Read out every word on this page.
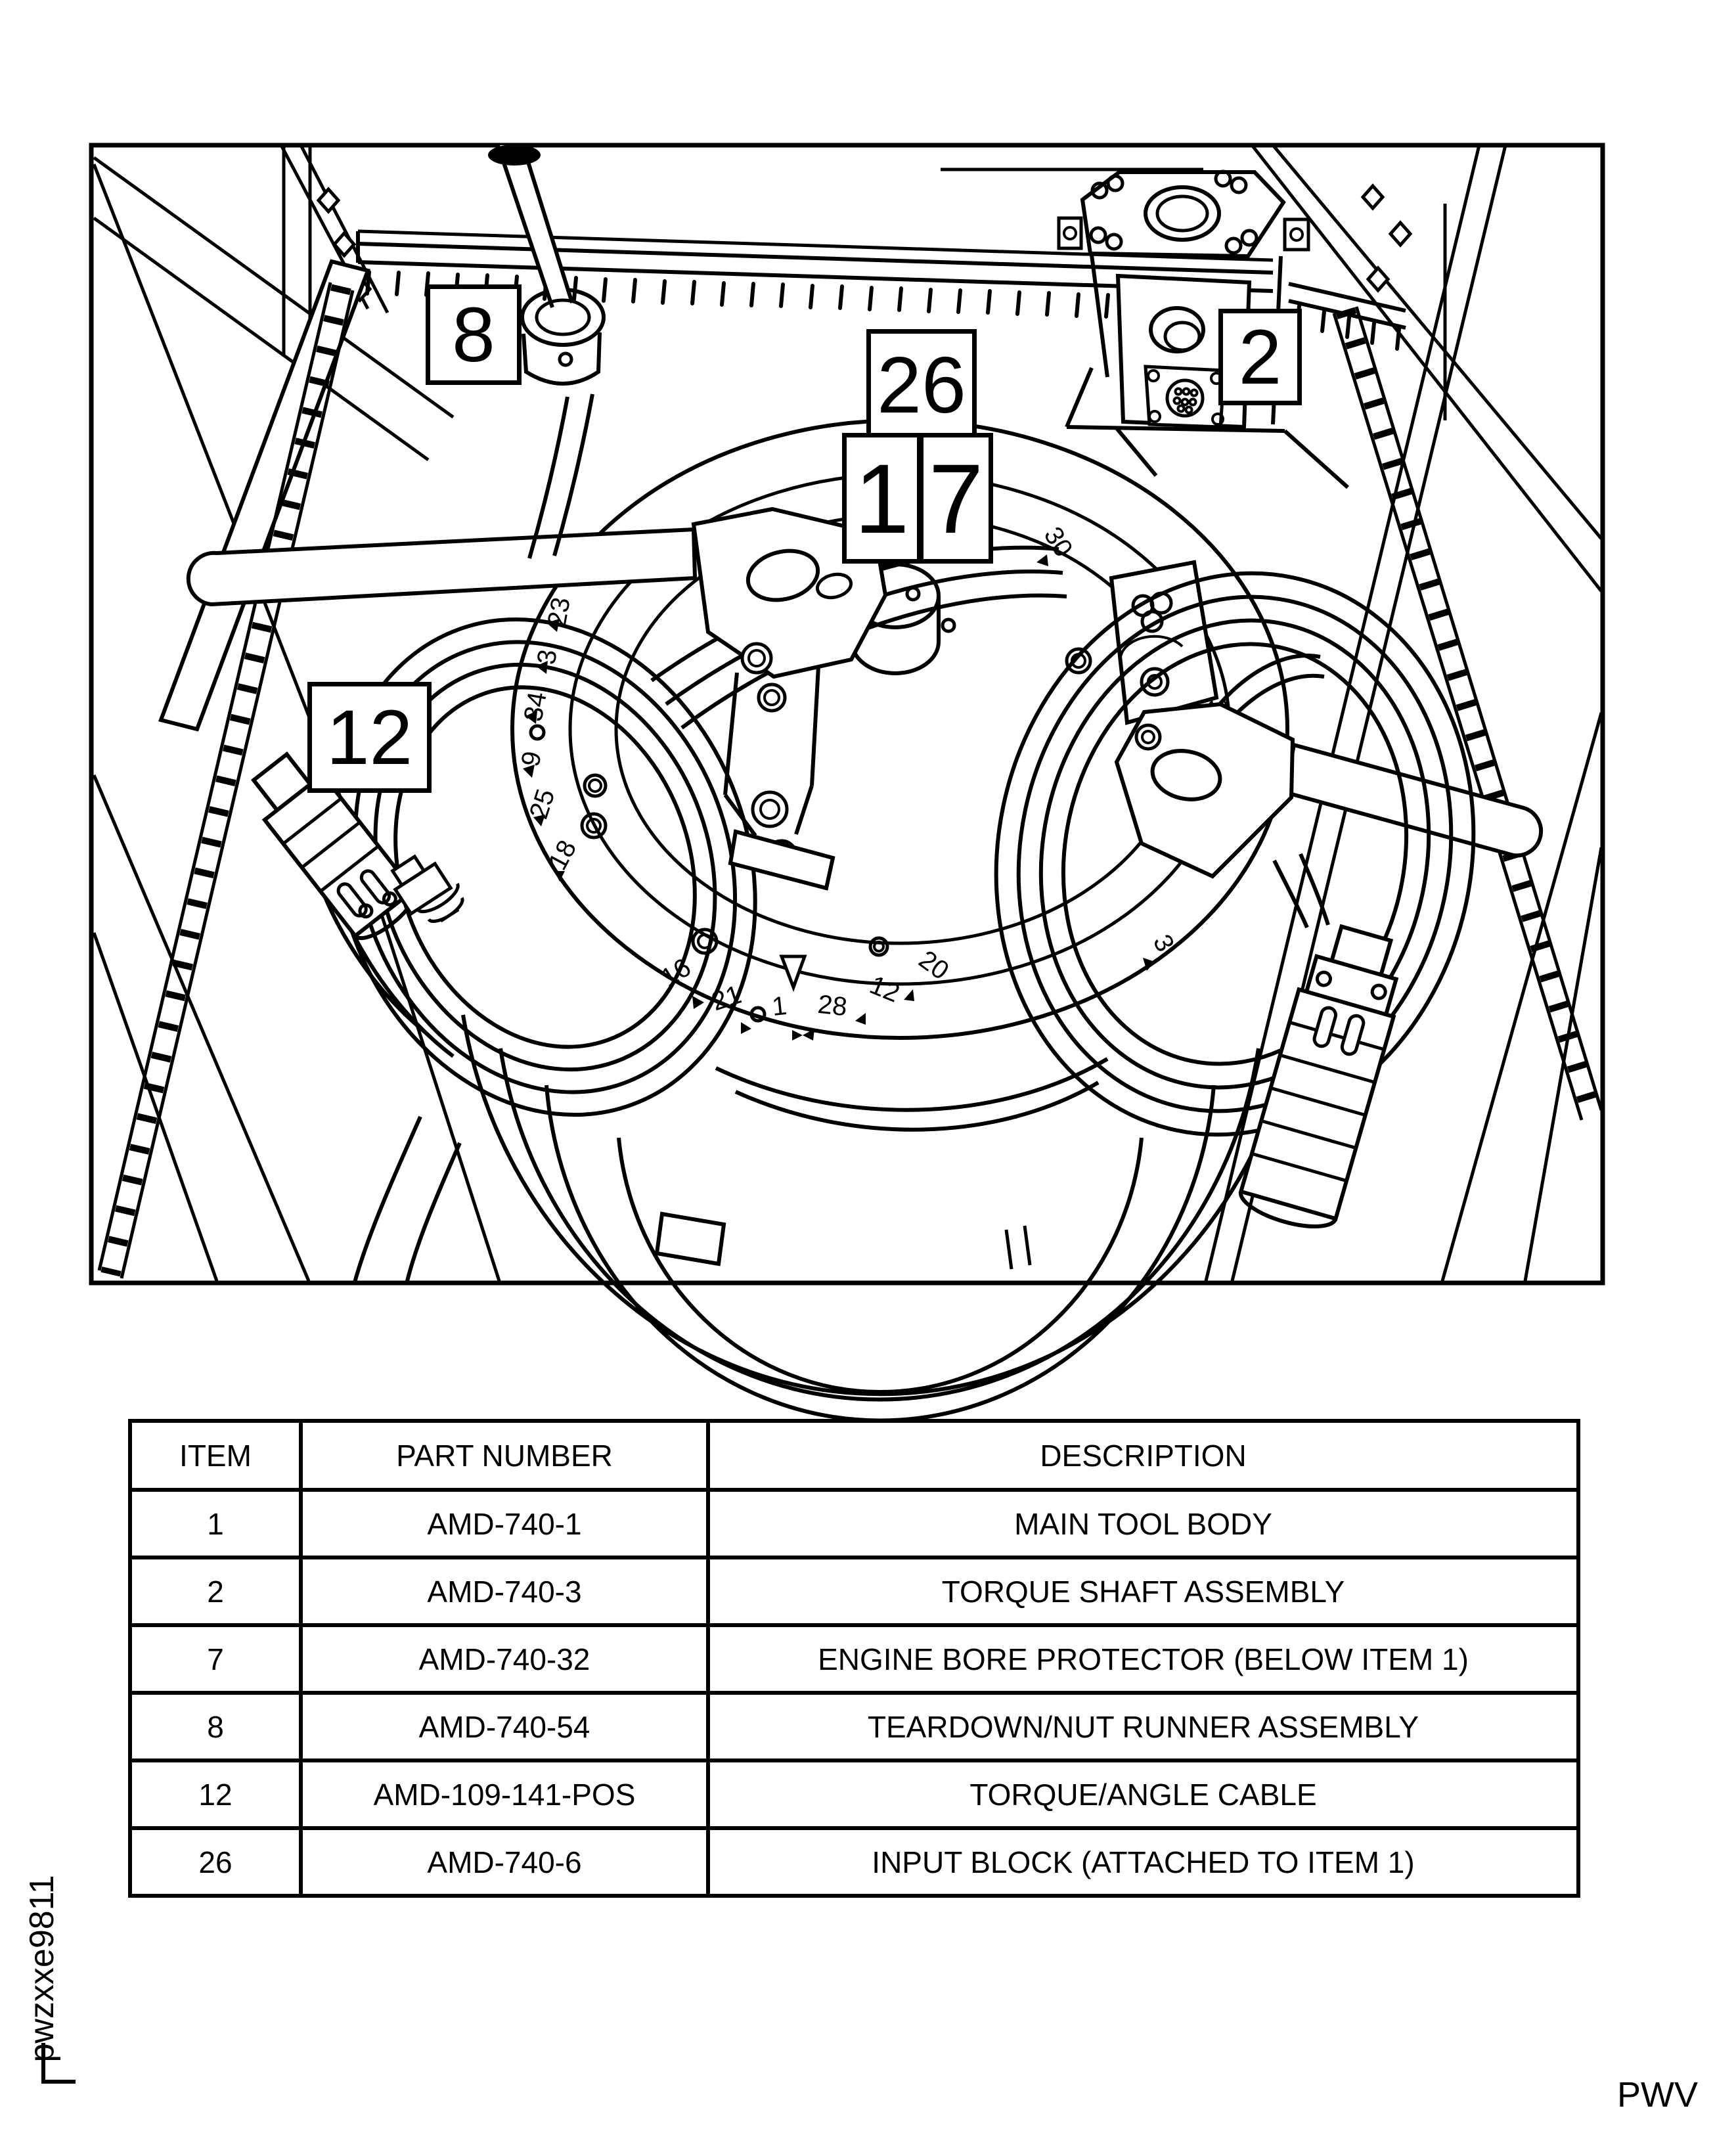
23
3
34
9
25
18
16
21 1 28 12
20
30
3
8
26
1 7
2
12
ITEM	PART NUMBER	DESCRIPTION
1	AMD-740-1	MAIN TOOL BODY
2	AMD-740-3	TORQUE SHAFT ASSEMBLY
7	AMD-740-32	ENGINE BORE PROTECTOR (BELOW ITEM 1)
8	AMD-740-54	TEARDOWN/NUT RUNNER ASSEMBLY
12	AMD-109-141-POS	TORQUE/ANGLE CABLE
26	AMD-740-6	INPUT BLOCK (ATTACHED TO ITEM 1)
pwzxxe9811
PWV
